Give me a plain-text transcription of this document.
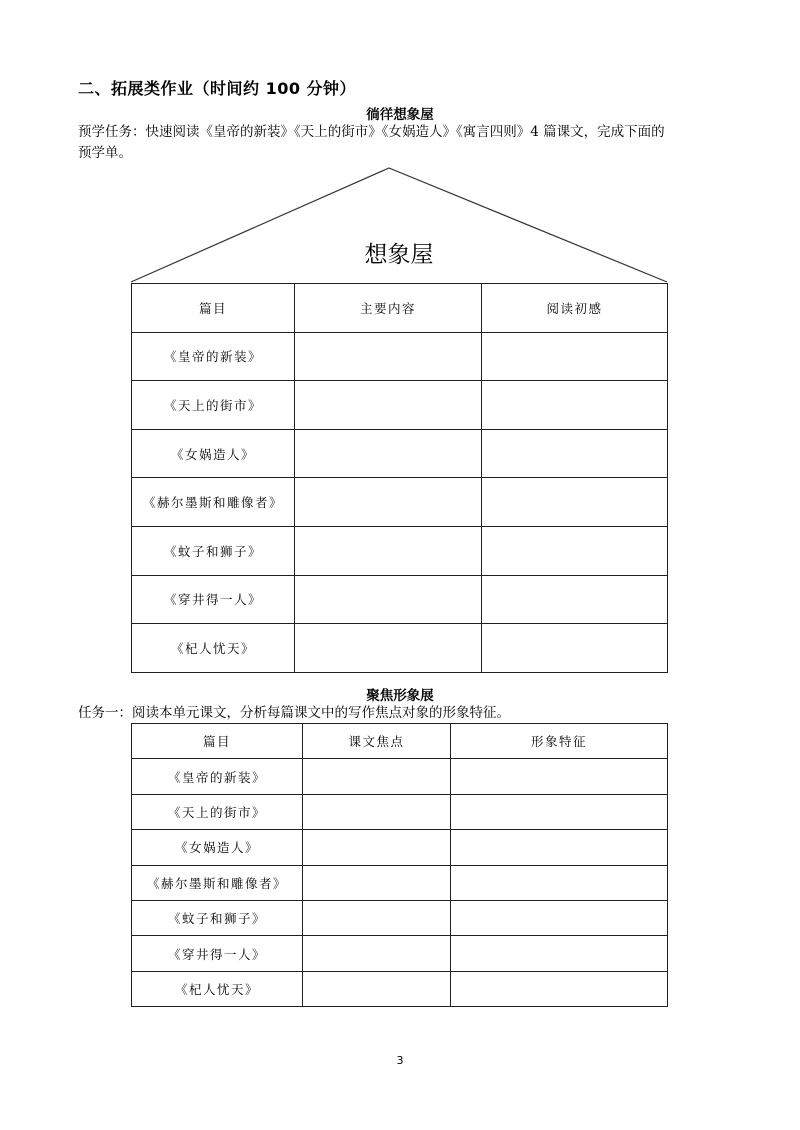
二、拓展类作业（时间约 100 分钟）
徜徉想象屋
预学任务：快速阅读《皇帝的新装》《天上的街市》《女娲造人》《寓言四则》4 篇课文，完成下面的
预学单。
想象屋
篇目	主要内容	阅读初感
《皇帝的新装》		
《天上的街市》		
《女娲造人》		
《赫尔墨斯和雕像者》		
《蚊子和狮子》		
《穿井得一人》		
《杞人忧天》		
聚焦形象展
任务一：阅读本单元课文，分析每篇课文中的写作焦点对象的形象特征。
篇目	课文焦点	形象特征
《皇帝的新装》		
《天上的街市》		
《女娲造人》		
《赫尔墨斯和雕像者》		
《蚊子和狮子》		
《穿井得一人》		
《杞人忧天》		
3
